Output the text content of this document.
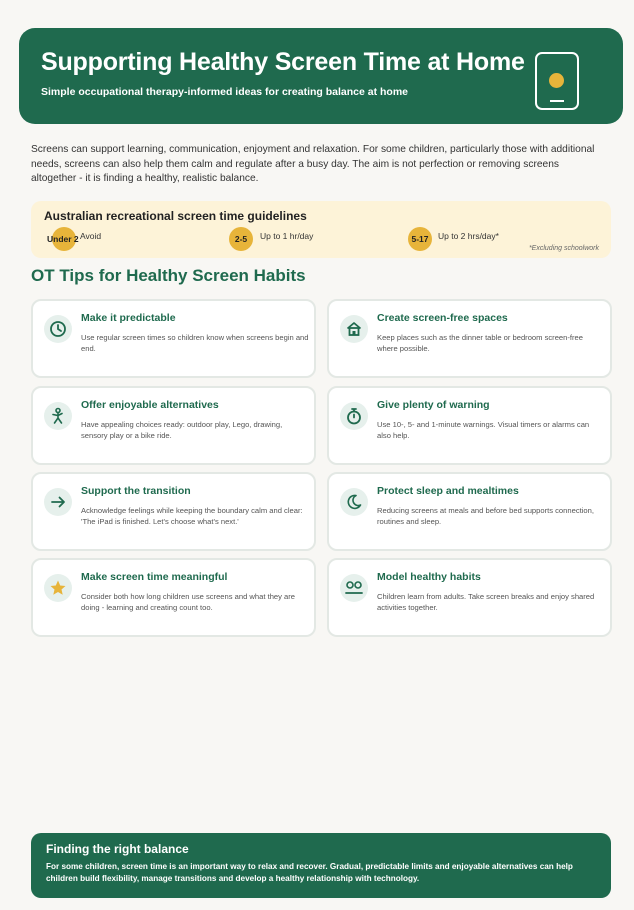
Supporting Healthy Screen Time at Home
Simple occupational therapy-informed ideas for creating balance at home
Screens can support learning, communication, enjoyment and relaxation. For some children, particularly those with additional needs, screens can also help them calm and regulate after a busy day. The aim is not perfection or removing screens altogether - it is finding a healthy, realistic balance.
Australian recreational screen time guidelines
Under 2 Avoid	2-5	Up to 1 hr/day	5-17	Up to 2 hrs/day*
*Excluding schoolwork
OT Tips for Healthy Screen Habits
Make it predictable
Use regular screen times so children know when screens begin and end.
Create screen-free spaces
Keep places such as the dinner table or bedroom screen-free where possible.
Offer enjoyable alternatives
Have appealing choices ready: outdoor play, Lego, drawing, sensory play or a bike ride.
Give plenty of warning
Use 10-, 5- and 1-minute warnings. Visual timers or alarms can also help.
Support the transition
Acknowledge feelings while keeping the boundary calm and clear: 'The iPad is finished. Let's choose what's next.'
Protect sleep and mealtimes
Reducing screens at meals and before bed supports connection, routines and sleep.
Make screen time meaningful
Consider both how long children use screens and what they are doing - learning and creating count too.
Model healthy habits
Children learn from adults. Take screen breaks and enjoy shared activities together.
Finding the right balance
For some children, screen time is an important way to relax and recover. Gradual, predictable limits and enjoyable alternatives can help children build flexibility, manage transitions and develop a healthy relationship with technology.
